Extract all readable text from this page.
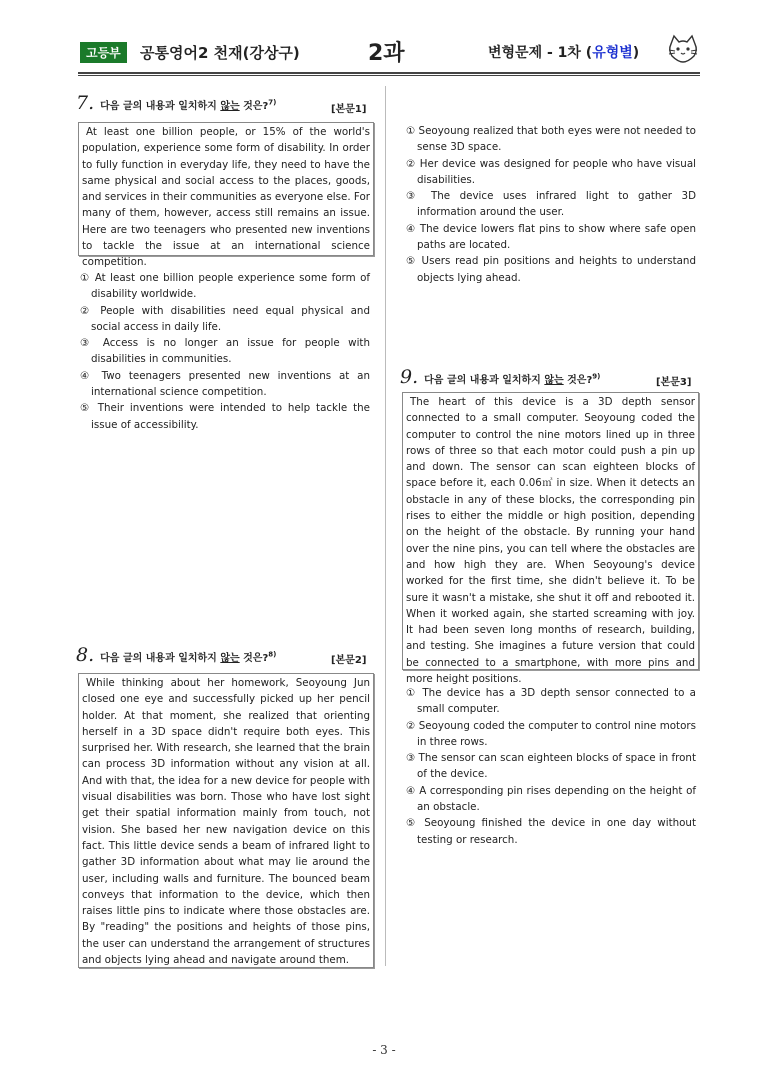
고등부	공통영어2 천재(강상구)	2과	변형문제 - 1차 (유형별)
7. 다음 글의 내용과 일치하지 않는 것은?$^{7)}$
[본문1]

At least one billion people, or 15% of the world's population, experience some form of disability. In order to fully function in everyday life, they need to have the same physical and social access to the places, goods, and services in their communities as everyone else. For many of them, however, access still remains an issue. Here are two teenagers who presented new inventions to tackle the issue at an international science competition.

① At least one billion people experience some form of disability worldwide.

② People with disabilities need equal physical and social access in daily life.

③ Access is no longer an issue for people with disabilities in communities.

④ Two teenagers presented new inventions at an international science competition.

⑤ Their inventions were intended to help tackle the issue of accessibility.

8. 다음 글의 내용과 일치하지 않는 것은?$^{8)}$
[본문2]

While thinking about her homework, Seoyoung Jun closed one eye and successfully picked up her pencil holder. At that moment, she realized that orienting herself in a 3D space didn't require both eyes. This surprised her. With research, she learned that the brain can process 3D information without any vision at all. And with that, the idea for a new device for people with visual disabilities was born. Those who have lost sight get their spatial information mainly from touch, not vision. She based her new navigation device on this fact. This little device sends a beam of infrared light to gather 3D information about what may lie around the user, including walls and furniture. The bounced beam conveys that information to the device, which then raises little pins to indicate where those obstacles are. By "reading" the positions and heights of those pins, the user can understand the arrangement of structures and objects lying ahead and navigate around them.

① Seoyoung realized that both eyes were not needed to sense 3D space.

② Her device was designed for people who have visual disabilities.

③ The device uses infrared light to gather 3D information around the user.

④ The device lowers flat pins to show where safe open paths are located.

⑤ Users read pin positions and heights to understand objects lying ahead.

9. 다음 글의 내용과 일치하지 않는 것은?$^{9)}$
[본문3]

The heart of this device is a 3D depth sensor connected to a small computer. Seoyoung coded the computer to control the nine motors lined up in three rows of three so that each motor could push a pin up and down. The sensor can scan eighteen blocks of space before it, each 0.06㎥ in size. When it detects an obstacle in any of these blocks, the corresponding pin rises to either the middle or high position, depending on the height of the obstacle. By running your hand over the nine pins, you can tell where the obstacles are and how high they are. When Seoyoung's device worked for the first time, she didn't believe it. To be sure it wasn't a mistake, she shut it off and rebooted it. When it worked again, she started screaming with joy. It had been seven long months of research, building, and testing. She imagines a future version that could be connected to a smartphone, with more pins and more height positions.

① The device has a 3D depth sensor connected to a small computer.

② Seoyoung coded the computer to control nine motors in three rows.

③ The sensor can scan eighteen blocks of space in front of the device.

④ A corresponding pin rises depending on the height of an obstacle.

⑤ Seoyoung finished the device in one day without testing or research.

- 3 -
